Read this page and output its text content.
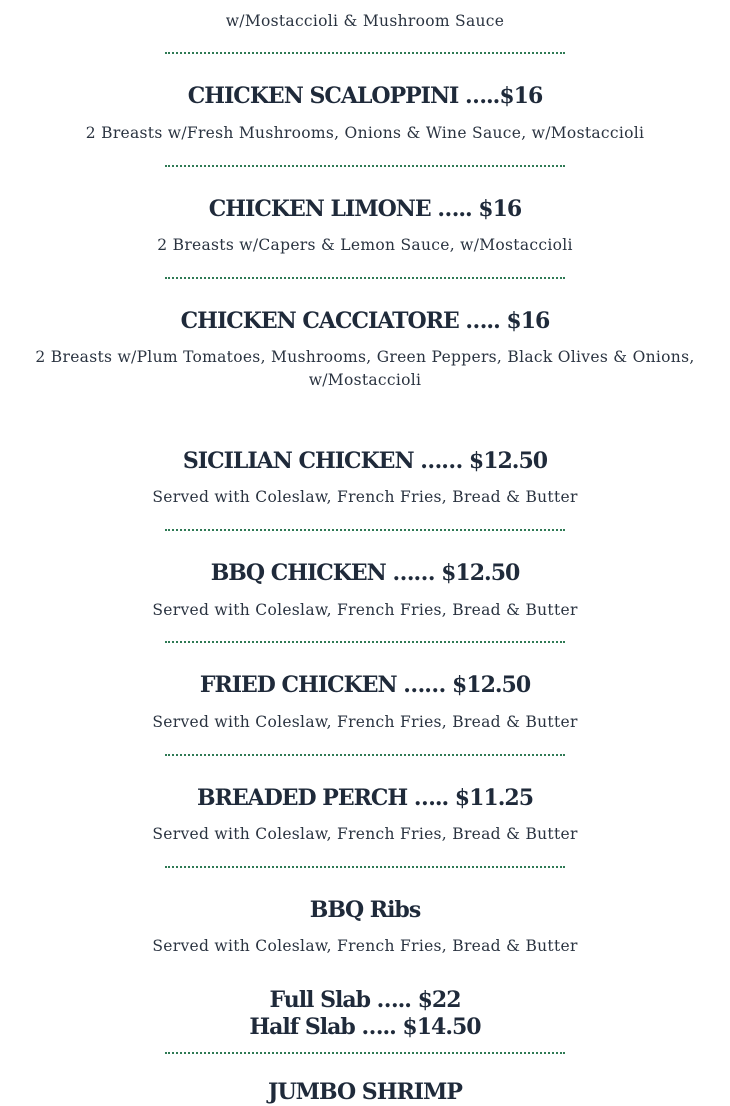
w/Mostaccioli & Mushroom Sauce
CHICKEN SCALOPPINI …..$16
2 Breasts w/Fresh Mushrooms, Onions & Wine Sauce, w/Mostaccioli
CHICKEN LIMONE ….. $16
2 Breasts w/Capers & Lemon Sauce, w/Mostaccioli
CHICKEN CACCIATORE ….. $16
2 Breasts w/Plum Tomatoes, Mushrooms, Green Peppers, Black Olives & Onions, w/Mostaccioli
SICILIAN CHICKEN …… $12.50
Served with Coleslaw, French Fries, Bread & Butter
BBQ CHICKEN …… $12.50
Served with Coleslaw, French Fries, Bread & Butter
FRIED CHICKEN …… $12.50
Served with Coleslaw, French Fries, Bread & Butter
BREADED PERCH ….. $11.25
Served with Coleslaw, French Fries, Bread & Butter
BBQ Ribs
Served with Coleslaw, French Fries, Bread & Butter
Full Slab ….. $22
Half Slab ….. $14.50
JUMBO SHRIMP
